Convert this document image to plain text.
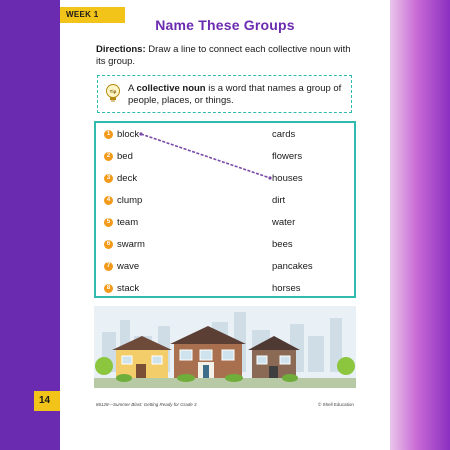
WEEK 1
Name These Groups
Directions: Draw a line to connect each collective noun with its group.
Tip A collective noun is a word that names a group of people, places, or things.
1 block
2 bed
3 deck
4 clump
5 team
6 swarm
7 wave
8 stack
cards
flowers
houses
dirt
water
bees
pancakes
horses
14	86128—Summer Blast: Getting Ready for Grade 3	© Shell Education
